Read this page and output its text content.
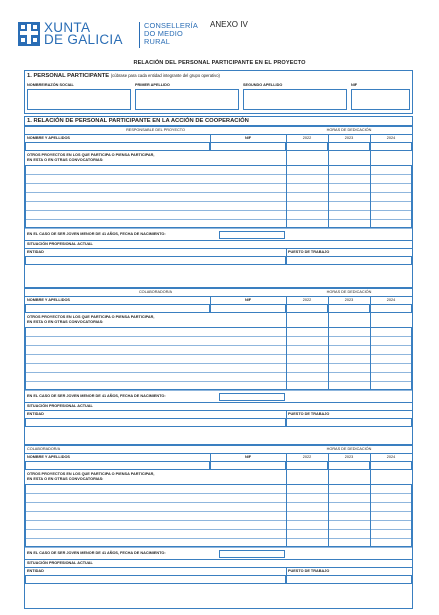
XUNTA
DE GALICIA
CONSELLERÍA
DO MEDIO
RURAL
ANEXO IV
RELACIÓN DEL PERSONAL PARTICIPANTE EN EL PROYECTO
1. PERSONAL PARTICIPANTE (cúbrase para cada entidad integrante del grupo operativo)
NOMBRE/RAZÓN SOCIAL	PRIMER APELLIDO	SEGUNDO APELLIDO	NIF
1. RELACIÓN DE PERSONAL PARTICIPANTE EN LA ACCIÓN DE COOPERACIÓN
RESPONSABLE DEL PROYECTO	HORAS DE DEDICACIÓN
NOMBRE Y APELLIDOS	NIF	2022	2023	2024
OTROS PROYECTOS EN LOS QUE PARTICIPA O PIENSA PARTICIPAR,
EN ESTA O EN OTRAS CONVOCATORIAS:
EN EL CASO DE SER JOVEN MENOR DE 41 AÑOS, FECHA DE NACIMIENTO:
SITUACIÓN PROFESIONAL ACTUAL
ENTIDAD	PUESTO DE TRABAJO
COLABORADOR/A	HORAS DE DEDICACIÓN
NOMBRE Y APELLIDOS	NIF	2022	2023	2024
OTROS PROYECTOS EN LOS QUE PARTICIPA O PIENSA PARTICIPAR,
EN ESTA O EN OTRAS CONVOCATORIAS:
EN EL CASO DE SER JOVEN MENOR DE 41 AÑOS, FECHA DE NACIMIENTO:
SITUACIÓN PROFESIONAL ACTUAL
ENTIDAD	PUESTO DE TRABAJO
COLABORADOR/A	HORAS DE DEDICACIÓN
NOMBRE Y APELLIDOS	NIF	2022	2023	2024
OTROS PROYECTOS EN LOS QUE PARTICIPA O PIENSA PARTICIPAR,
EN ESTA O EN OTRAS CONVOCATORIAS:
EN EL CASO DE SER JOVEN MENOR DE 41 AÑOS, FECHA DE NACIMIENTO:
SITUACIÓN PROFESIONAL ACTUAL
ENTIDAD	PUESTO DE TRABAJO
